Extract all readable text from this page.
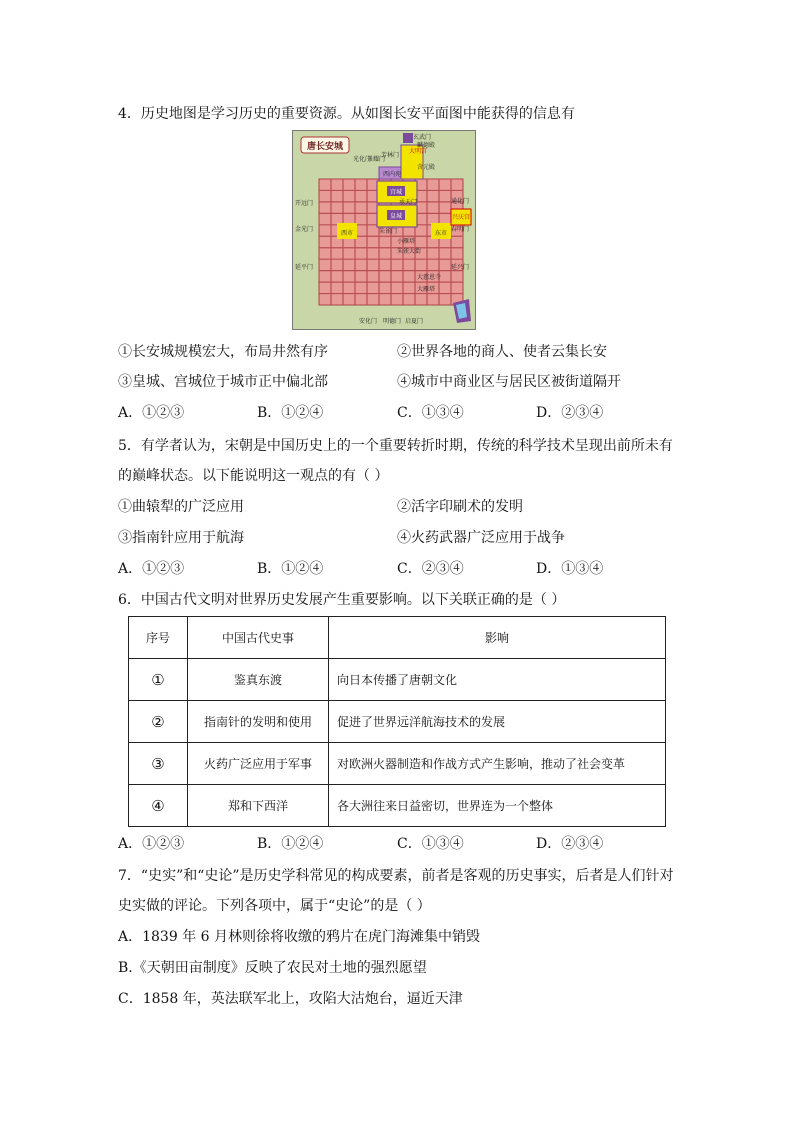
4．历史地图是学习历史的重要资源。从如图长安平面图中能获得的信息有
唐长安城
宫城
皇城
玄武门
大明宫
麟德殿
含元殿
西内苑
光化门
景耀门
芳林门
承天门
朱雀门
小雁塔
朱雀大街
西市	东市
兴庆宫
大慈恩寺
大雁塔
开远门
金光门
延平门
通化门
春明门
延兴门
安化门 明德门 启夏门
①长安城规模宏大，布局井然有序	②世界各地的商人、使者云集长安
③皇城、宫城位于城市正中偏北部	④城市中商业区与居民区被街道隔开
A．①②③	B．①②④	C．①③④	D．②③④
5．有学者认为，宋朝是中国历史上的一个重要转折时期，传统的科学技术呈现出前所未有
的巅峰状态。以下能说明这一观点的有（ ）
①曲辕犁的广泛应用	②活字印刷术的发明
③指南针应用于航海	④火药武器广泛应用于战争
A．①②③	B．①②④	C．②③④	D．①③④
6．中国古代文明对世界历史发展产生重要影响。以下关联正确的是（ ）
序号	中国古代史事	影响
①	鉴真东渡	向日本传播了唐朝文化
②	指南针的发明和使用	促进了世界远洋航海技术的发展
③	火药广泛应用于军事	对欧洲火器制造和作战方式产生影响，推动了社会变革
④	郑和下西洋	各大洲往来日益密切，世界连为一个整体
A．①②③	B．①②④	C．①③④	D．②③④
7．“史实”和“史论”是历史学科常见的构成要素，前者是客观的历史事实，后者是人们针对
史实做的评论。下列各项中，属于“史论”的是（ ）
A．1839 年 6 月林则徐将收缴的鸦片在虎门海滩集中销毁
B.《天朝田亩制度》反映了农民对土地的强烈愿望
C．1858 年，英法联军北上，攻陷大沽炮台，逼近天津
